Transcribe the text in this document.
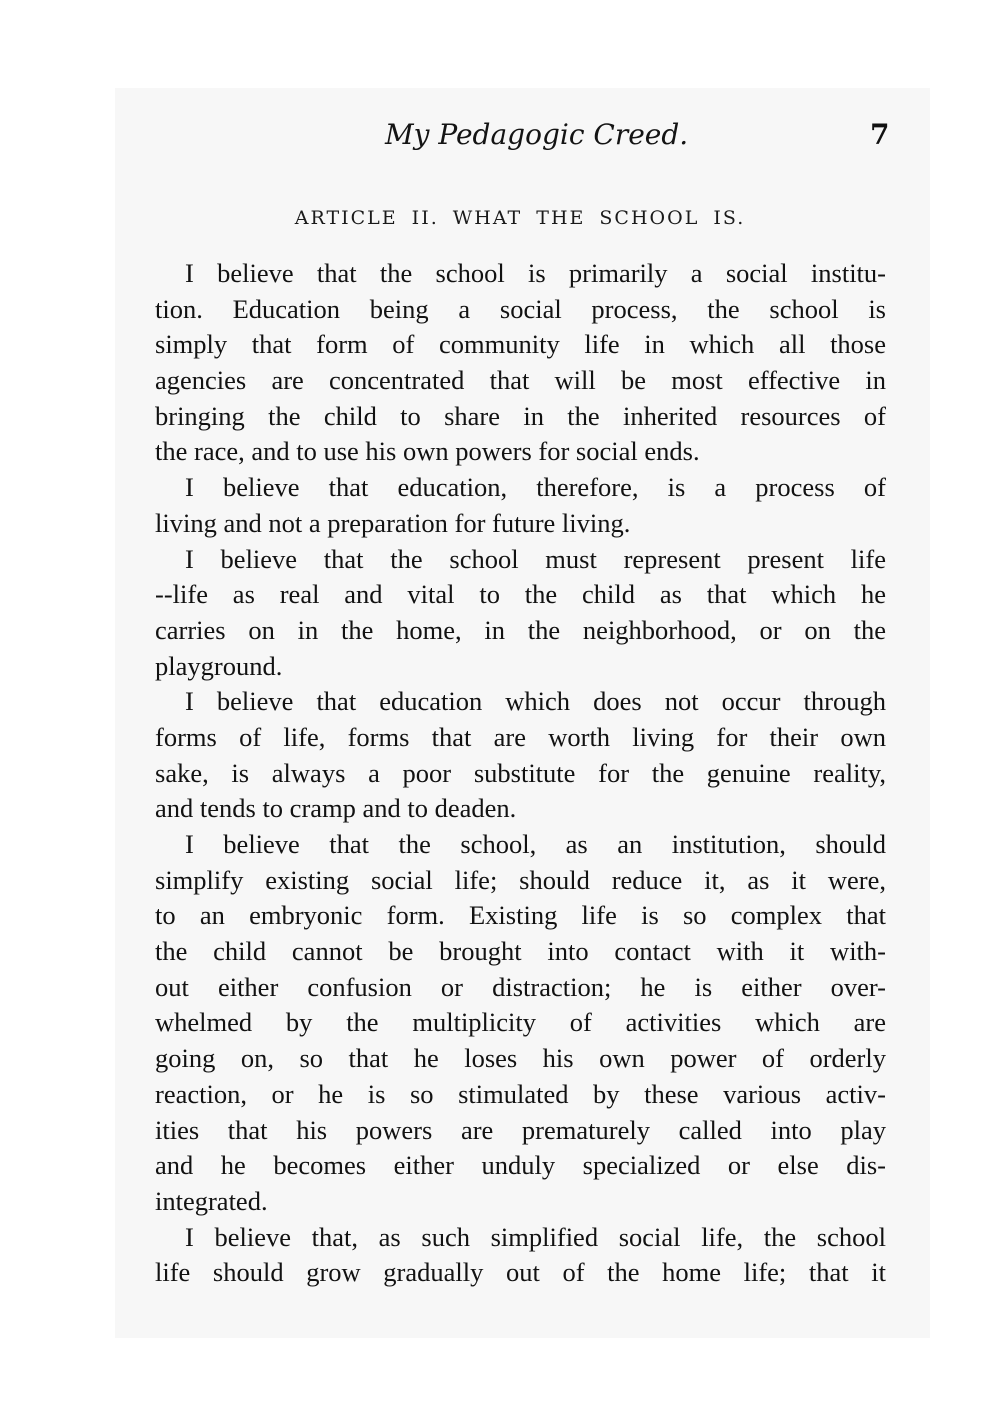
My Pedagogic Creed.	7
ARTICLE II. WHAT THE SCHOOL IS.
I believe that the school is primarily a social institu-
tion. Education being a social process, the school is
simply that form of community life in which all those
agencies are concentrated that will be most effective in
bringing the child to share in the inherited resources of
the race, and to use his own powers for social ends.
I believe that education, therefore, is a process of
living and not a preparation for future living.
I believe that the school must represent present life
--life as real and vital to the child as that which he
carries on in the home, in the neighborhood, or on the
playground.
I believe that education which does not occur through
forms of life, forms that are worth living for their own
sake, is always a poor substitute for the genuine reality,
and tends to cramp and to deaden.
I believe that the school, as an institution, should
simplify existing social life; should reduce it, as it were,
to an embryonic form. Existing life is so complex that
the child cannot be brought into contact with it with-
out either confusion or distraction; he is either over-
whelmed by the multiplicity of activities which are
going on, so that he loses his own power of orderly
reaction, or he is so stimulated by these various activ-
ities that his powers are prematurely called into play
and he becomes either unduly specialized or else dis-
integrated.
I believe that, as such simplified social life, the school
life should grow gradually out of the home life; that it
